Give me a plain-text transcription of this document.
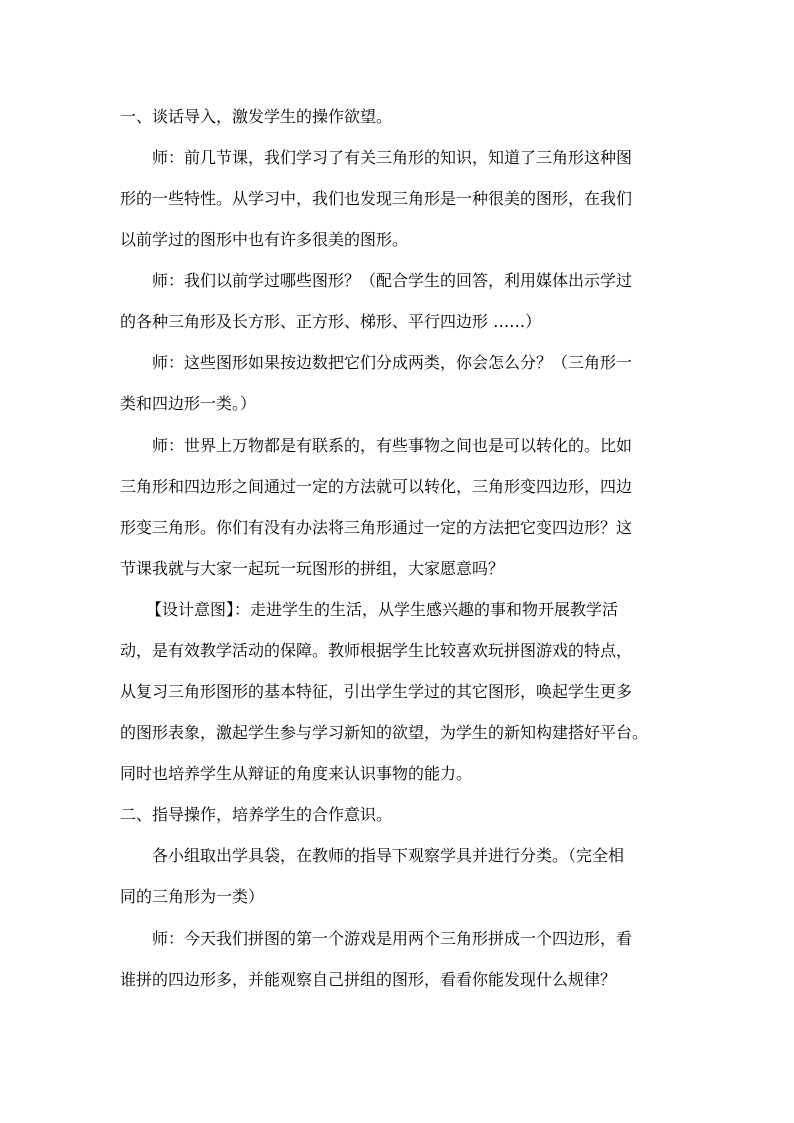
一、谈话导入，激发学生的操作欲望。
师：前几节课，我们学习了有关三角形的知识，知道了三角形这种图
形的一些特性。从学习中，我们也发现三角形是一种很美的图形，在我们
以前学过的图形中也有许多很美的图形。
师：我们以前学过哪些图形？（配合学生的回答，利用媒体出示学过
的各种三角形及长方形、正方形、梯形、平行四边形 ……）
师：这些图形如果按边数把它们分成两类，你会怎么分？（三角形一
类和四边形一类。）
师：世界上万物都是有联系的，有些事物之间也是可以转化的。比如
三角形和四边形之间通过一定的方法就可以转化，三角形变四边形，四边
形变三角形。你们有没有办法将三角形通过一定的方法把它变四边形？这
节课我就与大家一起玩一玩图形的拼组，大家愿意吗？
【设计意图】：走进学生的生活，从学生感兴趣的事和物开展教学活
动，是有效教学活动的保障。教师根据学生比较喜欢玩拼图游戏的特点，
从复习三角形图形的基本特征，引出学生学过的其它图形，唤起学生更多
的图形表象，激起学生参与学习新知的欲望，为学生的新知构建搭好平台。
同时也培养学生从辩证的角度来认识事物的能力。
二、指导操作，培养学生的合作意识。
各小组取出学具袋，在教师的指导下观察学具并进行分类。（完全相
同的三角形为一类）
师：今天我们拼图的第一个游戏是用两个三角形拼成一个四边形，看
谁拼的四边形多，并能观察自己拼组的图形，看看你能发现什么规律？
